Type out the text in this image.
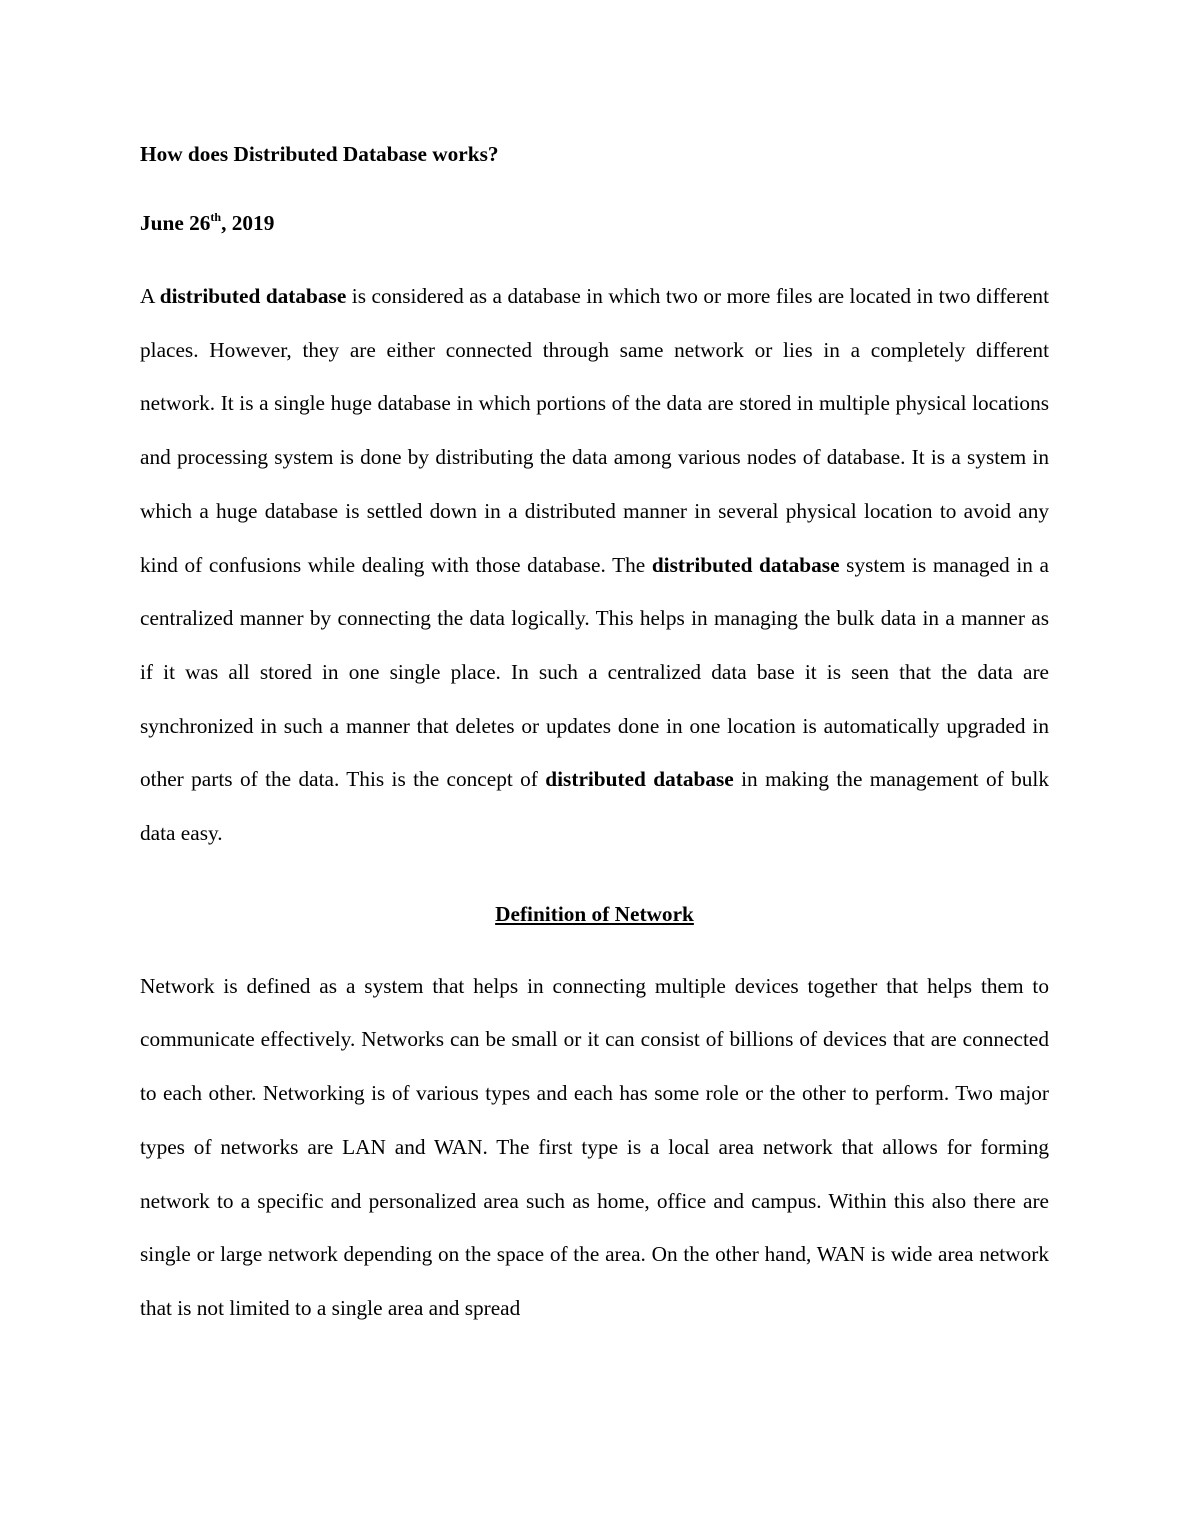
How does Distributed Database works?

June 26th, 2019

A distributed database is considered as a database in which two or more files are located in two different places. However, they are either connected through same network or lies in a completely different network. It is a single huge database in which portions of the data are stored in multiple physical locations and processing system is done by distributing the data among various nodes of database. It is a system in which a huge database is settled down in a distributed manner in several physical location to avoid any kind of confusions while dealing with those database. The distributed database system is managed in a centralized manner by connecting the data logically. This helps in managing the bulk data in a manner as if it was all stored in one single place. In such a centralized data base it is seen that the data are synchronized in such a manner that deletes or updates done in one location is automatically upgraded in other parts of the data. This is the concept of distributed database in making the management of bulk data easy.

Definition of Network

Network is defined as a system that helps in connecting multiple devices together that helps them to communicate effectively. Networks can be small or it can consist of billions of devices that are connected to each other. Networking is of various types and each has some role or the other to perform. Two major types of networks are LAN and WAN. The first type is a local area network that allows for forming network to a specific and personalized area such as home, office and campus. Within this also there are single or large network depending on the space of the area. On the other hand, WAN is wide area network that is not limited to a single area and spread
